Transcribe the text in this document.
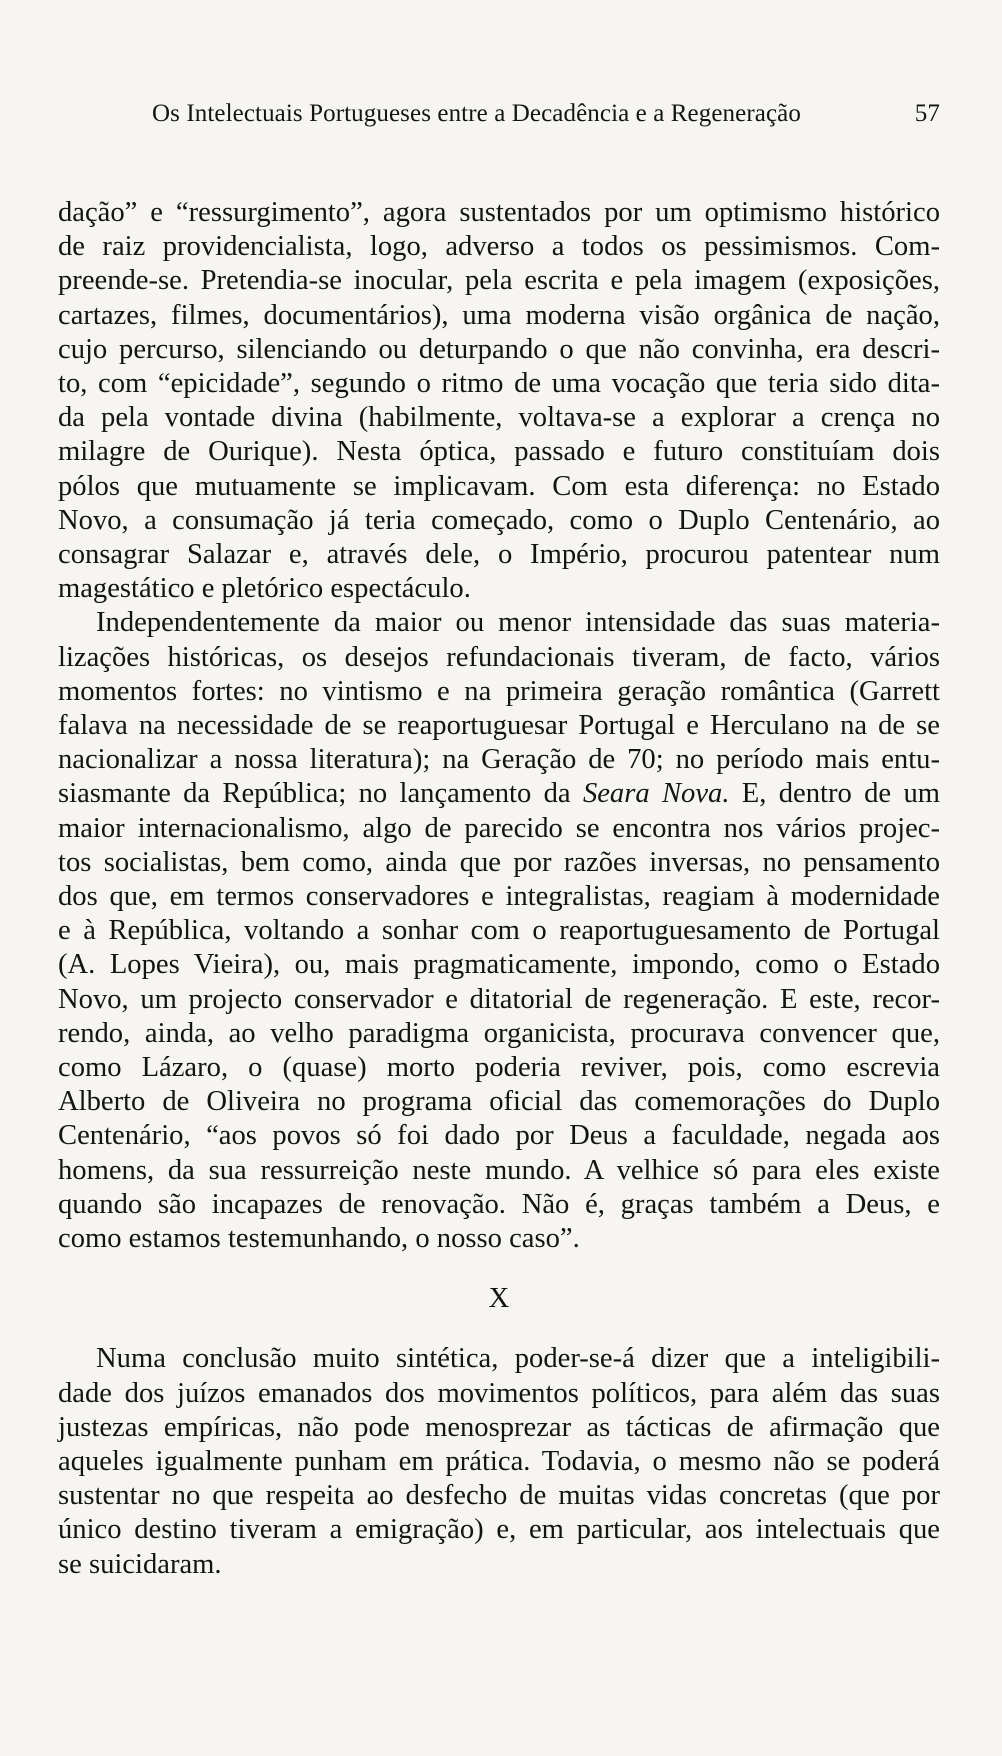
Os Intelectuais Portugueses entre a Decadência e a Regeneração	57

dação” e “ressurgimento”, agora sustentados por um optimismo histórico
de raiz providencialista, logo, adverso a todos os pessimismos. Com-
preende-se. Pretendia-se inocular, pela escrita e pela imagem (exposições,
cartazes, filmes, documentários), uma moderna visão orgânica de nação,
cujo percurso, silenciando ou deturpando o que não convinha, era descri-
to, com “epicidade”, segundo o ritmo de uma vocação que teria sido dita-
da pela vontade divina (habilmente, voltava-se a explorar a crença no
milagre de Ourique). Nesta óptica, passado e futuro constituíam dois
pólos que mutuamente se implicavam. Com esta diferença: no Estado
Novo, a consumação já teria começado, como o Duplo Centenário, ao
consagrar Salazar e, através dele, o Império, procurou patentear num
magestático e pletórico espectáculo.

Independentemente da maior ou menor intensidade das suas materia-
lizações históricas, os desejos refundacionais tiveram, de facto, vários
momentos fortes: no vintismo e na primeira geração romântica (Garrett
falava na necessidade de se reaportuguesar Portugal e Herculano na de se
nacionalizar a nossa literatura); na Geração de 70; no período mais entu-
siasmante da República; no lançamento da Seara Nova. E, dentro de um
maior internacionalismo, algo de parecido se encontra nos vários projec-
tos socialistas, bem como, ainda que por razões inversas, no pensamento
dos que, em termos conservadores e integralistas, reagiam à modernidade
e à República, voltando a sonhar com o reaportuguesamento de Portugal
(A. Lopes Vieira), ou, mais pragmaticamente, impondo, como o Estado
Novo, um projecto conservador e ditatorial de regeneração. E este, recor-
rendo, ainda, ao velho paradigma organicista, procurava convencer que,
como Lázaro, o (quase) morto poderia reviver, pois, como escrevia
Alberto de Oliveira no programa oficial das comemorações do Duplo
Centenário, “aos povos só foi dado por Deus a faculdade, negada aos
homens, da sua ressurreição neste mundo. A velhice só para eles existe
quando são incapazes de renovação. Não é, graças também a Deus, e
como estamos testemunhando, o nosso caso”.

X

Numa conclusão muito sintética, poder-se-á dizer que a inteligibili-
dade dos juízos emanados dos movimentos políticos, para além das suas
justezas empíricas, não pode menosprezar as tácticas de afirmação que
aqueles igualmente punham em prática. Todavia, o mesmo não se poderá
sustentar no que respeita ao desfecho de muitas vidas concretas (que por
único destino tiveram a emigração) e, em particular, aos intelectuais que
se suicidaram.
